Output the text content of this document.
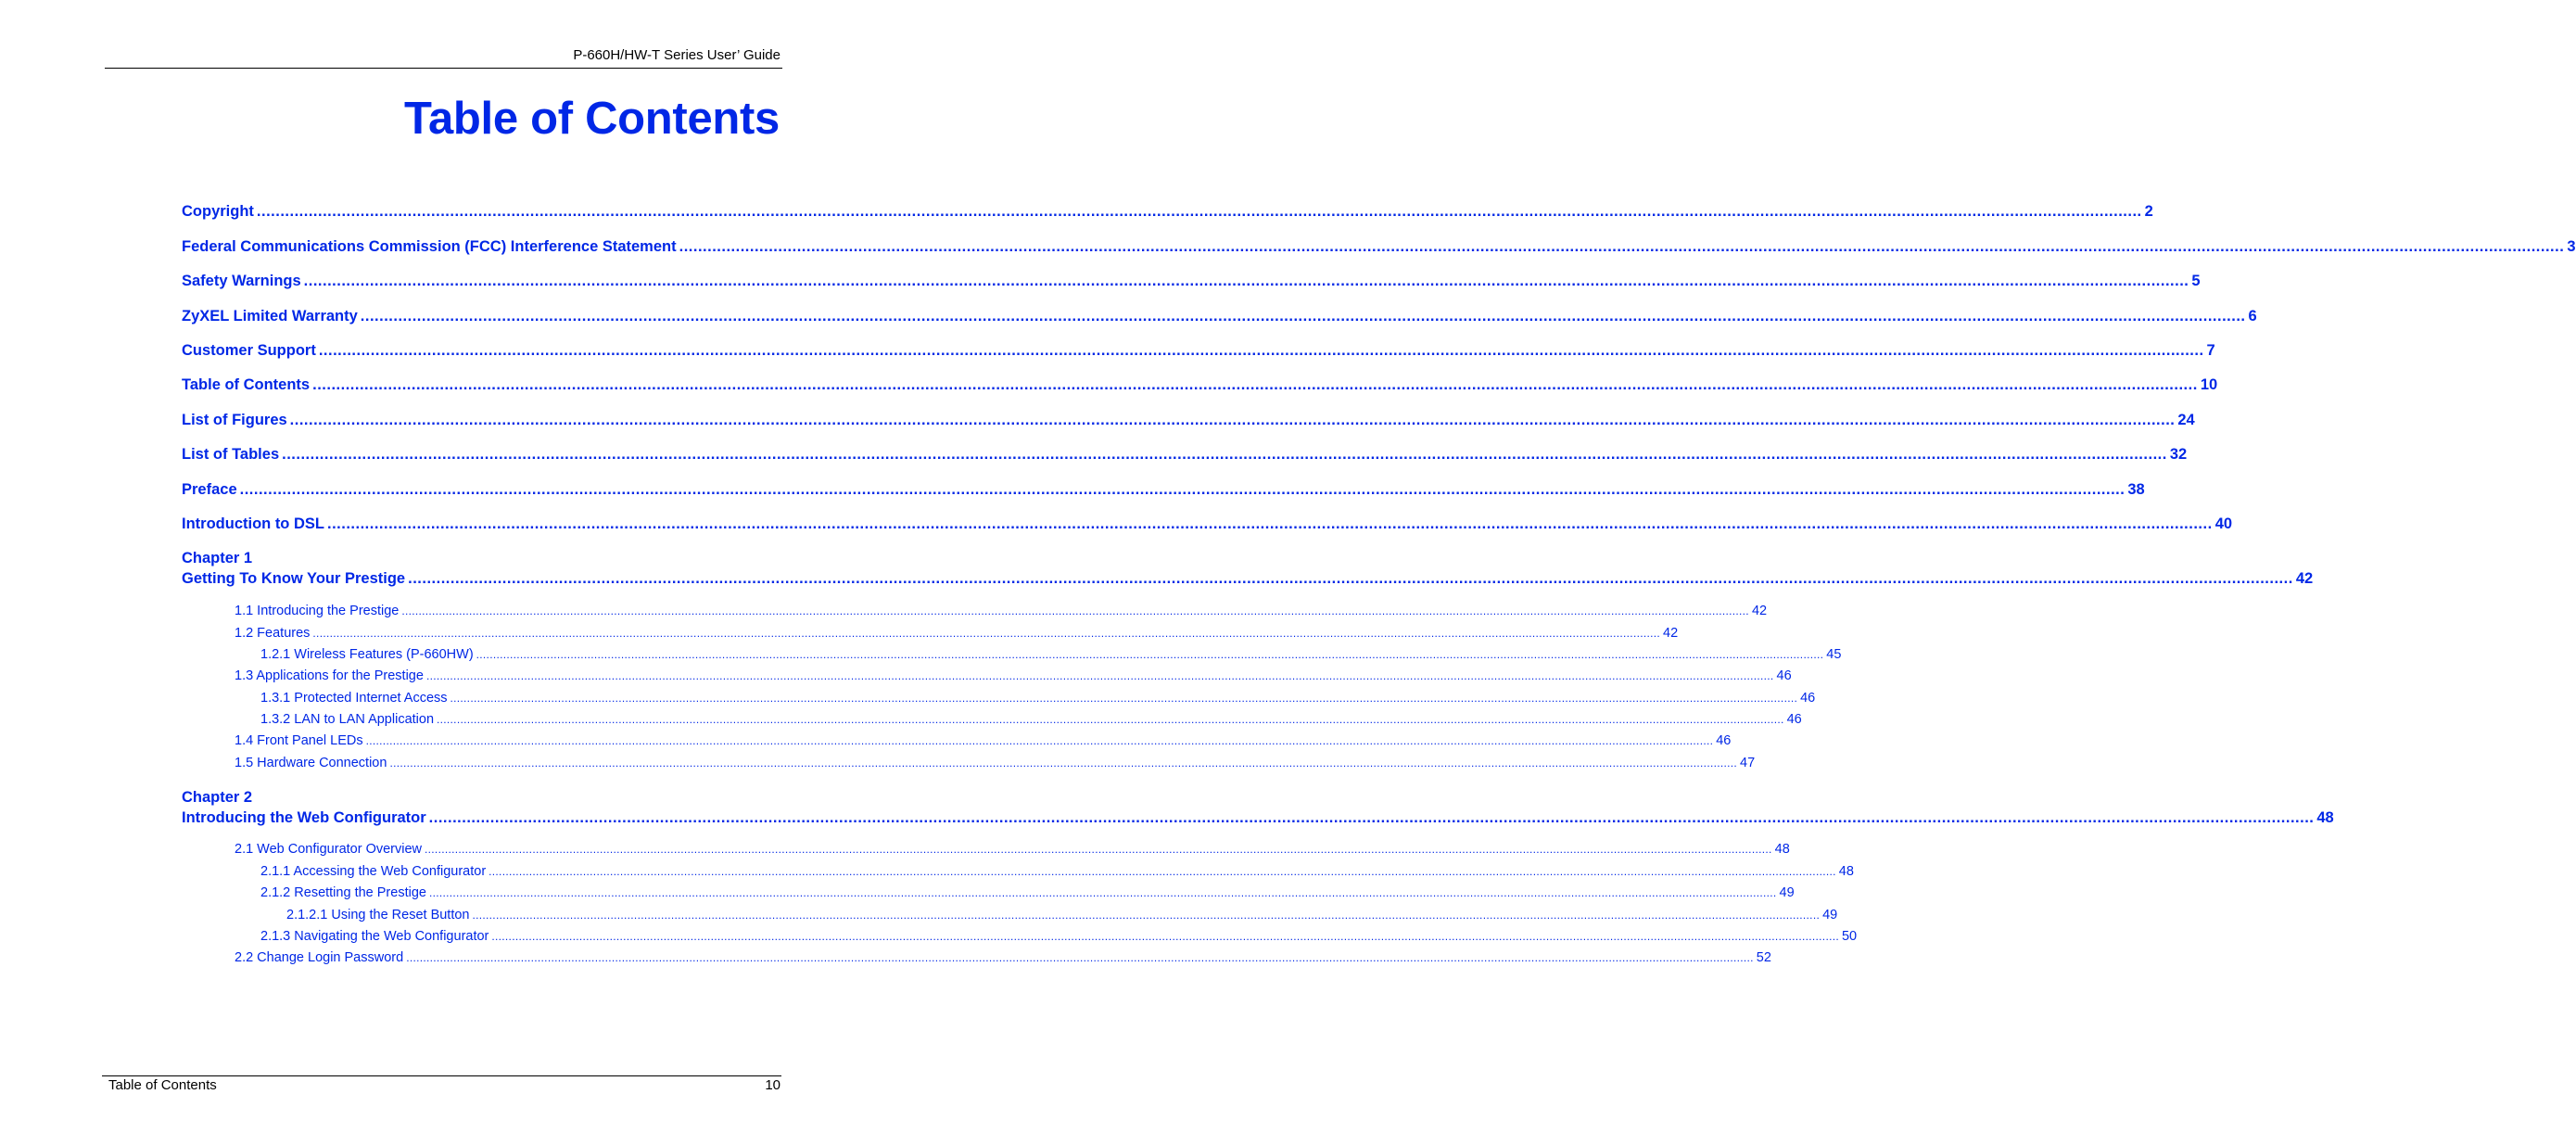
P-660H/HW-T Series User’ Guide
Table of Contents
Copyright ................................................................................................................................................................................................................................................................................................................................................................................................................ 2
Federal Communications Commission (FCC) Interference Statement ................................................................................................................................................................................................................................................................................................................................................................................................................ 3
Safety Warnings ................................................................................................................................................................................................................................................................................................................................................................................................................ 5
ZyXEL Limited Warranty ................................................................................................................................................................................................................................................................................................................................................................................................................ 6
Customer Support ................................................................................................................................................................................................................................................................................................................................................................................................................ 7
Table of Contents ................................................................................................................................................................................................................................................................................................................................................................................................................ 10
List of Figures ................................................................................................................................................................................................................................................................................................................................................................................................................ 24
List of Tables ................................................................................................................................................................................................................................................................................................................................................................................................................ 32
Preface ................................................................................................................................................................................................................................................................................................................................................................................................................ 38
Introduction to DSL ................................................................................................................................................................................................................................................................................................................................................................................................................ 40
Chapter 1
Getting To Know Your Prestige ................................................................................................................................................................................................................................................................................................................................................................................................................ 42
1.1 Introducing the Prestige ................................................................................................................................................................................................................................................................................................................................................................................................................ 42
1.2 Features ................................................................................................................................................................................................................................................................................................................................................................................................................ 42
1.2.1 Wireless Features (P-660HW) ................................................................................................................................................................................................................................................................................................................................................................................................................ 45
1.3 Applications for the Prestige ................................................................................................................................................................................................................................................................................................................................................................................................................ 46
1.3.1 Protected Internet Access ................................................................................................................................................................................................................................................................................................................................................................................................................ 46
1.3.2 LAN to LAN Application ................................................................................................................................................................................................................................................................................................................................................................................................................ 46
1.4 Front Panel LEDs ................................................................................................................................................................................................................................................................................................................................................................................................................ 46
1.5 Hardware Connection ................................................................................................................................................................................................................................................................................................................................................................................................................ 47
Chapter 2
Introducing the Web Configurator ................................................................................................................................................................................................................................................................................................................................................................................................................ 48
2.1 Web Configurator Overview ................................................................................................................................................................................................................................................................................................................................................................................................................ 48
2.1.1 Accessing the Web Configurator ................................................................................................................................................................................................................................................................................................................................................................................................................ 48
2.1.2 Resetting the Prestige ................................................................................................................................................................................................................................................................................................................................................................................................................ 49
2.1.2.1 Using the Reset Button ................................................................................................................................................................................................................................................................................................................................................................................................................ 49
2.1.3 Navigating the Web Configurator ................................................................................................................................................................................................................................................................................................................................................................................................................ 50
2.2 Change Login Password ................................................................................................................................................................................................................................................................................................................................................................................................................ 52
Table of Contents	10
